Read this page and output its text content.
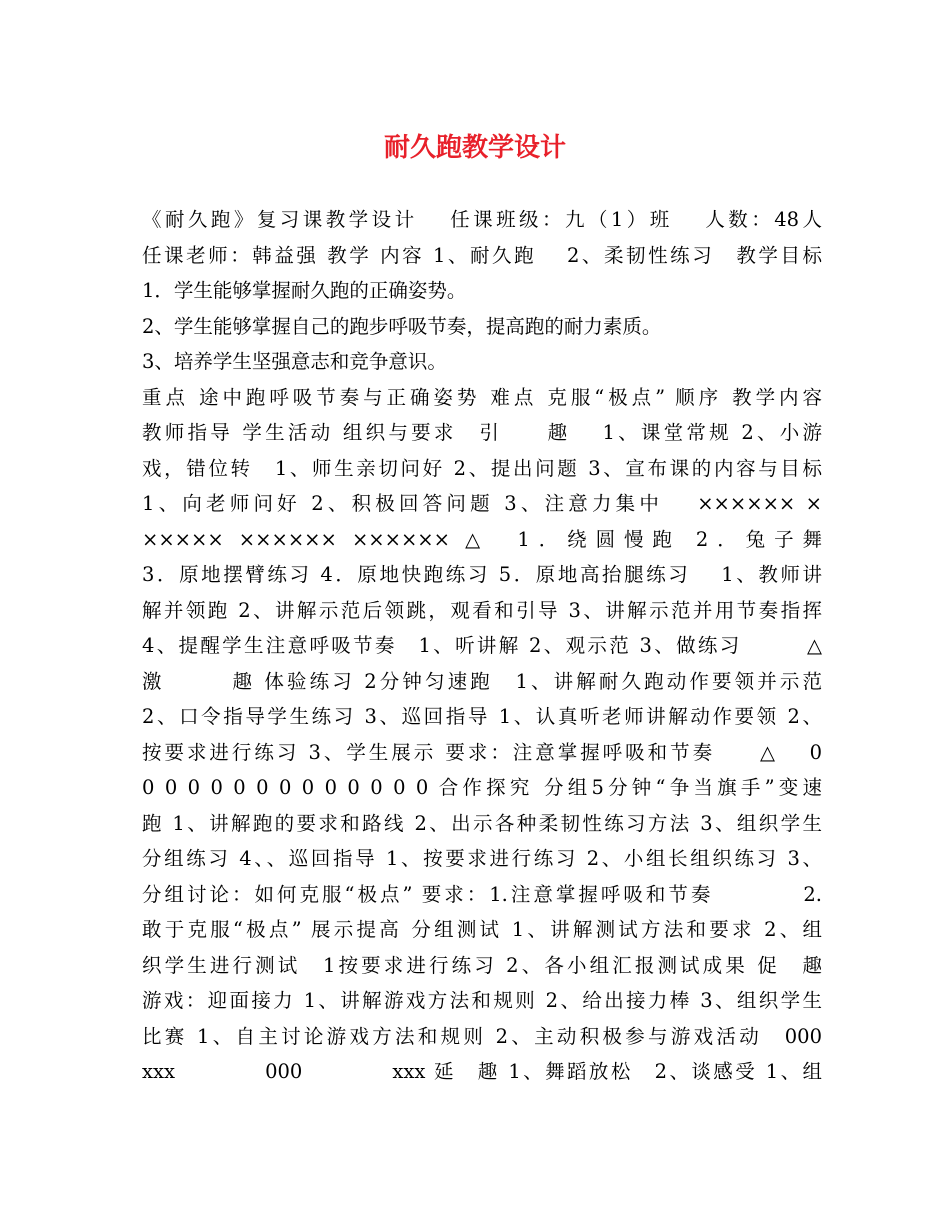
耐久跑教学设计
《耐久跑》复习课教学设计　 任课班级：九（1）班　 人数：48人
任课老师：韩益强 教学 内容 1、耐久跑　 2、柔韧性练习　教学目标
1．学生能够掌握耐久跑的正确姿势。
2、学生能够掌握自己的跑步呼吸节奏，提高跑的耐力素质。
3、培养学生坚强意志和竞争意识。
重点 途中跑呼吸节奏与正确姿势 难点 克服“极点” 顺序 教学内容
教师指导 学生活动 组织与要求　引　　趣　 1、课堂常规 2、小游
戏，错位转　1、师生亲切问好 2、提出问题 3、宣布课的内容与目标
1、向老师问好 2、积极回答问题 3、注意力集中　 ×××××× ×
××××× ×××××× ×××××× △　1．绕圆慢跑 2．兔子舞
3．原地摆臂练习 4．原地快跑练习 5．原地高抬腿练习　 1、教师讲
解并领跑 2、讲解示范后领跳，观看和引导 3、讲解示范并用节奏指挥
4、提醒学生注意呼吸节奏　1、听讲解 2、观示范 3、做练习　　　△
激　　　趣 体验练习 2分钟匀速跑　1、讲解耐久跑动作要领并示范
2、口令指导学生练习 3、巡回指导 1、认真听老师讲解动作要领 2、
按要求进行练习 3、学生展示 要求：注意掌握呼吸和节奏　　△　 0
0 0 0 0 0 0 0 0 0 0 0 0 0 合作探究 分组5分钟“争当旗手”变速
跑 1、讲解跑的要求和路线 2、出示各种柔韧性练习方法 3、组织学生
分组练习 4、、巡回指导 1、按要求进行练习 2、小组长组织练习 3、
分组讨论：如何克服“极点” 要求：1.注意掌握呼吸和节奏　　　　2.
敢于克服“极点” 展示提高 分组测试 1、讲解测试方法和要求 2、组
织学生进行测试　1按要求进行练习 2、各小组汇报测试成果 促　趣
游戏：迎面接力 1、讲解游戏方法和规则 2、给出接力棒 3、组织学生
比赛 1、自主讨论游戏方法和规则 2、主动积极参与游戏活动　000
xxx　　　　000　　　　xxx 延　趣 1、舞蹈放松　2、谈感受 1、组
